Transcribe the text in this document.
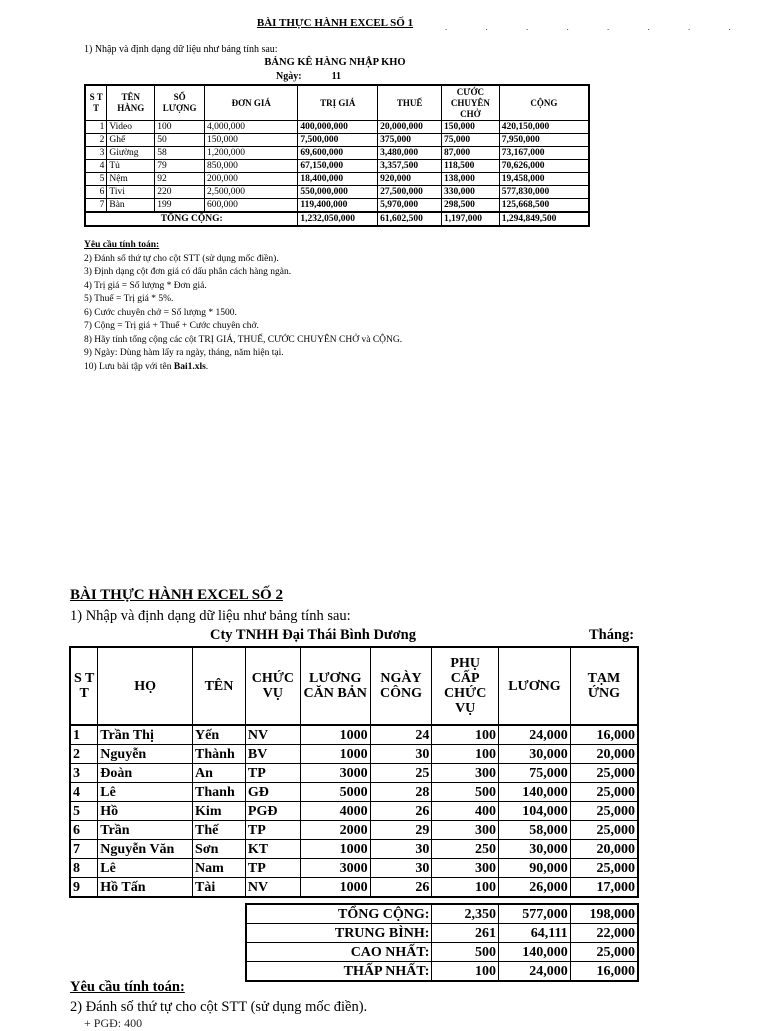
BÀI THỰC HÀNH EXCEL SỐ 1	. . . . . . . .
1) Nhập và định dạng dữ liệu như bảng tính sau:
BẢNG KÊ HÀNG NHẬP KHO
Ngày:	11
S T T	TÊN HÀNG	SỐ LƯỢNG	ĐƠN GIÁ	TRỊ GIÁ	THUẾ	CƯỚC CHUYÊN CHỞ	CỘNG
1	Video	100	4,000,000	400,000,000	20,000,000	150,000	420,150,000
2	Ghế	50	150,000	7,500,000	375,000	75,000	7,950,000
3	Giường	58	1,200,000	69,600,000	3,480,000	87,000	73,167,000
4	Tủ	79	850,000	67,150,000	3,357,500	118,500	70,626,000
5	Nệm	92	200,000	18,400,000	920,000	138,000	19,458,000
6	Tivi	220	2,500,000	550,000,000	27,500,000	330,000	577,830,000
7	Bàn	199	600,000	119,400,000	5,970,000	298,500	125,668,500
TỔNG CỘNG:				1,232,050,000	61,602,500	1,197,000	1,294,849,500
Yêu cầu tính toán:
2) Đánh số thứ tự cho cột STT (sử dụng mốc điền).
3) Định dạng cột đơn giá có dấu phân cách hàng ngàn.
4) Trị giá = Số lượng * Đơn giá.
5) Thuế = Trị giá * 5%.
6) Cước chuyên chở = Số lượng * 1500.
7) Cộng = Trị giá + Thuế + Cước chuyên chở.
8) Hãy tính tổng cộng các cột TRỊ GIÁ, THUẾ, CƯỚC CHUYÊN CHỞ và CỘNG.
9) Ngày: Dùng hàm lấy ra ngày, tháng, năm hiện tại.
10) Lưu bài tập với tên Bai1.xls.
BÀI THỰC HÀNH EXCEL SỐ 2
1) Nhập và định dạng dữ liệu như bảng tính sau:
Cty TNHH Đại Thái Bình Dương	Tháng:
S T T	HỌ	TÊN	CHỨC VỤ	LƯƠNG CĂN BẢN	NGÀY CÔNG	PHỤ CẤP CHỨC VỤ	LƯƠNG	TẠM ỨNG
1	Trần Thị	Yến	NV	1000	24	100	24,000	16,000
2	Nguyễn	Thành	BV	1000	30	100	30,000	20,000
3	Đoàn	An	TP	3000	25	300	75,000	25,000
4	Lê	Thanh	GĐ	5000	28	500	140,000	25,000
5	Hồ	Kim	PGĐ	4000	26	400	104,000	25,000
6	Trần	Thế	TP	2000	29	300	58,000	25,000
7	Nguyễn Văn	Sơn	KT	1000	30	250	30,000	20,000
8	Lê	Nam	TP	3000	30	300	90,000	25,000
9	Hồ Tấn	Tài	NV	1000	26	100	26,000	17,000
TỔNG CỘNG:	2,350	577,000	198,000
TRUNG BÌNH:	261	64,111	22,000
CAO NHẤT:	500	140,000	25,000
THẤP NHẤT:	100	24,000	16,000
Yêu cầu tính toán:
2) Đánh số thứ tự cho cột STT (sử dụng mốc điền).
+ PGĐ: 400
